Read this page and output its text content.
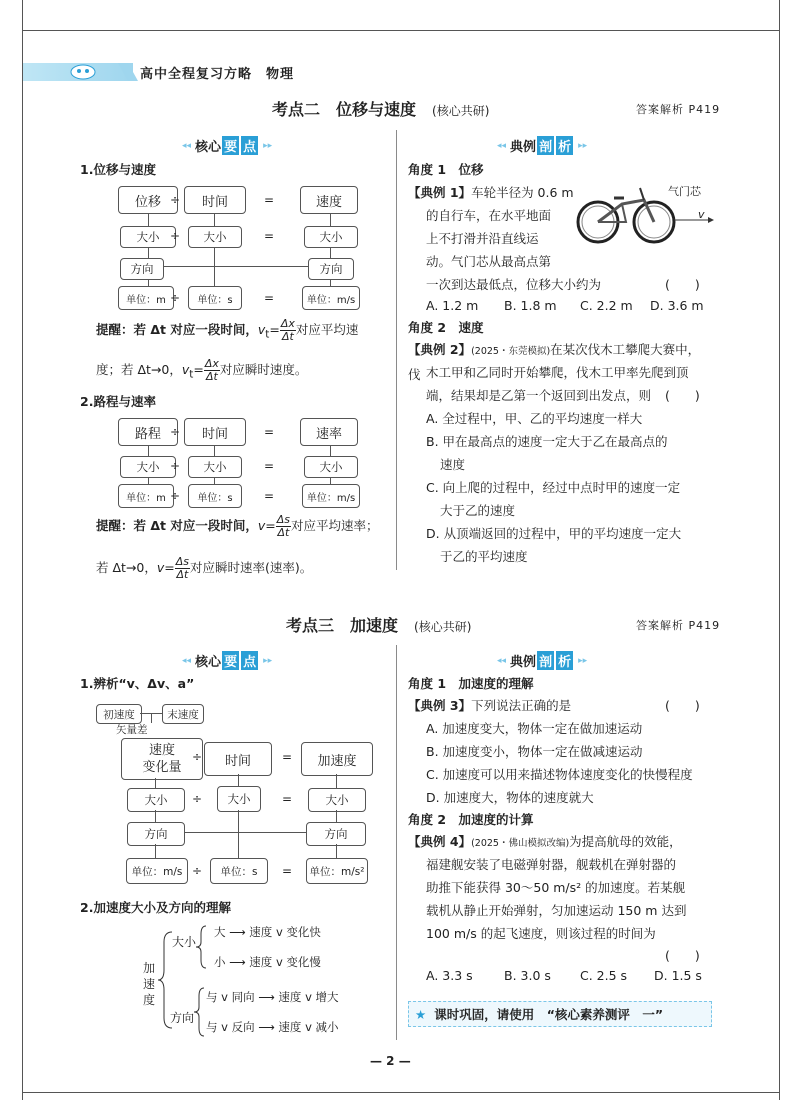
高中全程复习方略　物理
考点二　位移与速度　 (核心共研)	答案解析 P419
◂◂ 核心 要 点 ▸▸	◂◂ 典例 剖 析 ▸▸
1.位移与速度
位移 ÷	时间	=	速度
大小 ÷	大小	=	大小
方向	方向
单位：m ÷	单位：s	=	单位：m/s
提醒：若 Δt 对应一段时间，$v_t= \frac{\Delta x}{\Delta t}$ 对应平均速
度；若 Δt→0，$v_t= \frac{\Delta x}{\Delta t}$ 对应瞬时速度。
2.路程与速率
路程 ÷	时间	=	速率
大小 ÷	大小	=	大小
单位：m ÷	单位：s	=	单位：m/s
提醒：若 Δt 对应一段时间，$v= \frac{\Delta s}{\Delta t}$ 对应平均速率；
若 Δt→0，$v= \frac{\Delta s}{\Delta t}$ 对应瞬时速率(速率)。
角度 1　位移
【典例 1】车轮半径为 0.6 m
的自行车，在水平地面
上不打滑并沿直线运
动。气门芯从最高点第
一次到达最低点，位移大小约为	(　　)
气门芯
v
A. 1.2 m B. 1.8 m C. 2.2 m D. 3.6 m
角度 2　速度
【典例 2】(2025・东莞模拟)在某次伐木工攀爬大赛中，伐 木工甲和乙同时开始攀爬，伐木工甲率先爬到顶
端，结果却是乙第一个返回到出发点，则 (　　)
A. 全过程中，甲、乙的平均速度一样大
B. 甲在最高点的速度一定大于乙在最高点的
速度
C. 向上爬的过程中，经过中点时甲的速度一定
大于乙的速度
D. 从顶端返回的过程中，甲的平均速度一定大
于乙的平均速度
考点三　加速度　 (核心共研)	答案解析 P419
◂◂ 核心 要 点 ▸▸	◂◂ 典例 剖 析 ▸▸
1.辨析“v、Δv、a”
初速度	末速度
矢量差
速度
变化量
÷	时间	=	加速度
大小	÷	大小	=	大小
方向	方向
单位：m/s ÷	单位：s	=	单位：m/s²
2.加速度大小及方向的理解
加
速
度
大小
方向
大 ⟶ 速度 v 变化快
小 ⟶ 速度 v 变化慢
与 v 同向 ⟶ 速度 v 增大
与 v 反向 ⟶ 速度 v 减小
角度 1　加速度的理解
【典例 3】下列说法正确的是	(　　)
A. 加速度变大，物体一定在做加速运动
B. 加速度变小，物体一定在做减速运动
C. 加速度可以用来描述物体速度变化的快慢程度
D. 加速度大，物体的速度就大
角度 2　加速度的计算
【典例 4】(2025・佛山模拟改编)为提高航母的效能，
福建舰安装了电磁弹射器，舰载机在弹射器的
助推下能获得 30～50 m/s² 的加速度。若某舰
载机从静止开始弹射，匀加速运动 150 m 达到
100 m/s 的起飞速度，则该过程的时间为
(　　)
A. 3.3 s	B. 3.0 s C. 2.5 s D. 1.5 s
★ 课时巩固，请使用　“核心素养测评　一”
— 2 —
